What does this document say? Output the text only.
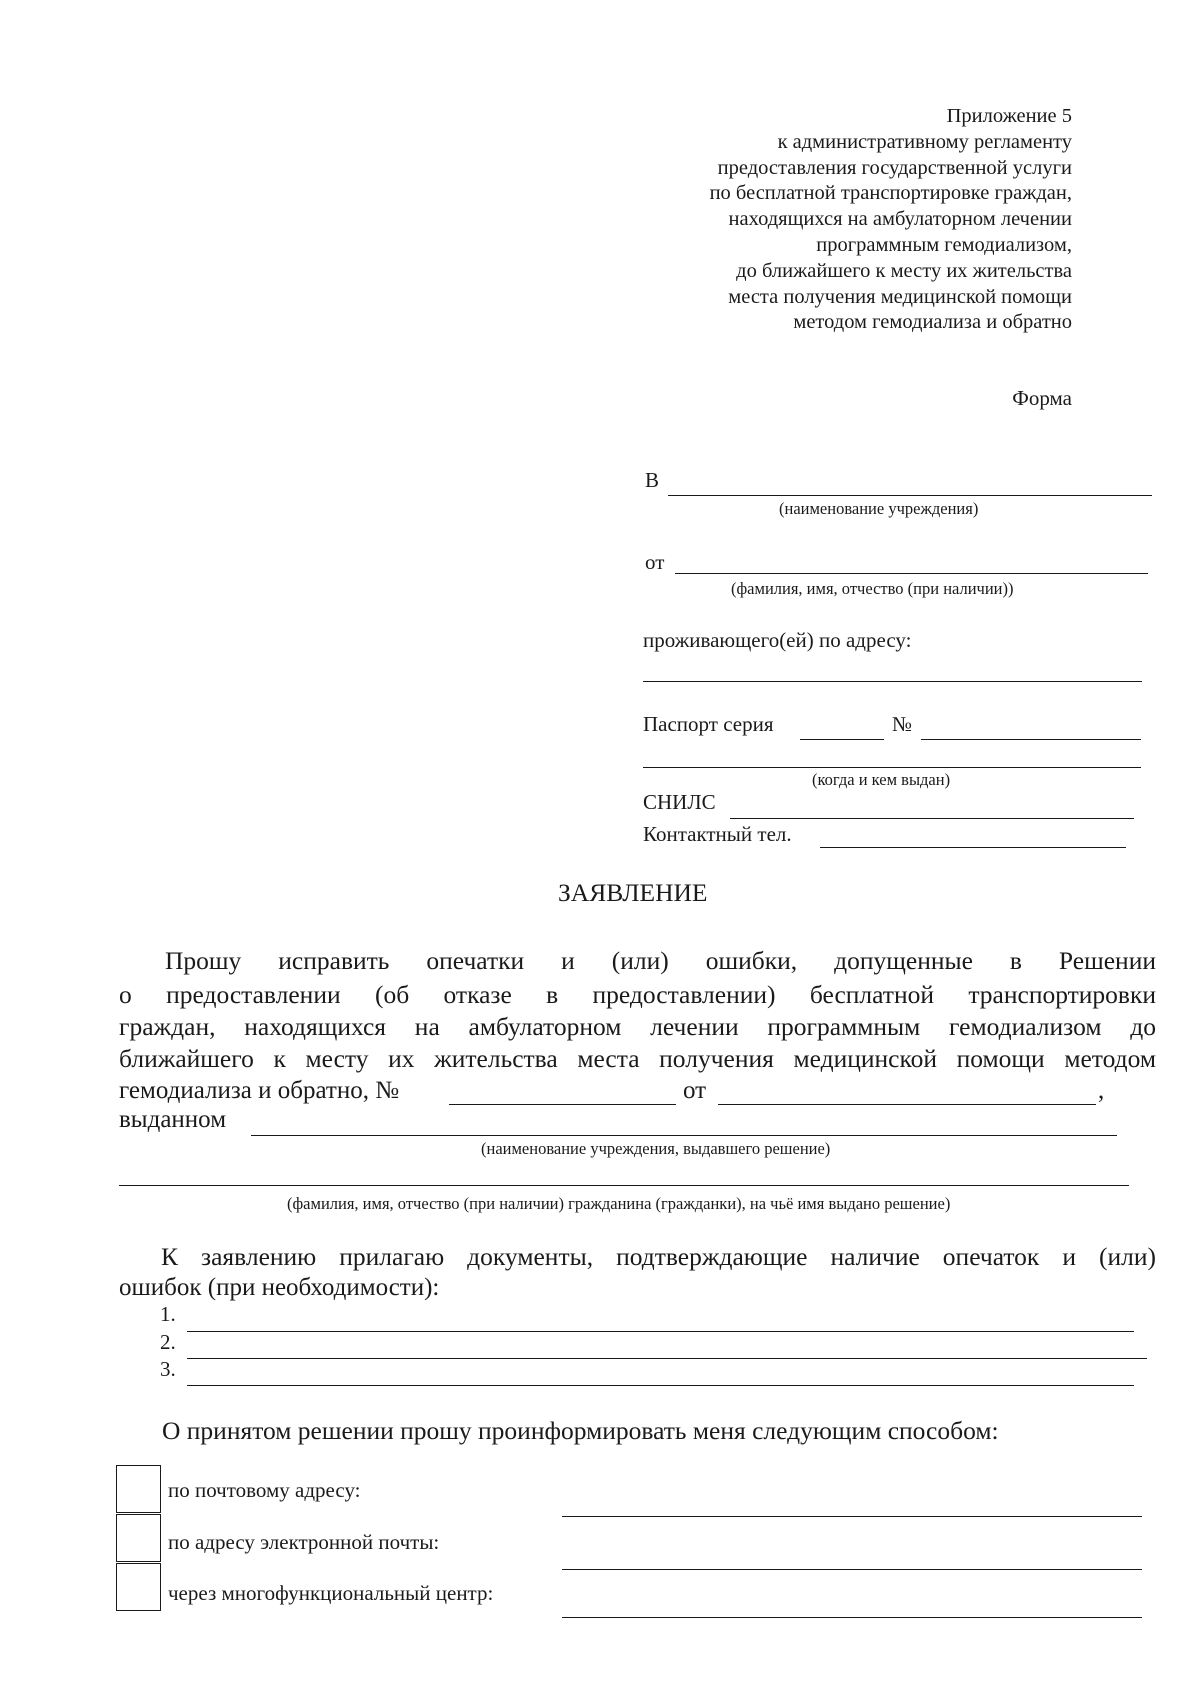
Приложение 5
к административному регламенту
предоставления государственной услуги
по бесплатной транспортировке граждан,
находящихся на амбулаторном лечении
программным гемодиализом,
до ближайшего к месту их жительства
места получения медицинской помощи
методом гемодиализа и обратно
Форма
В
(наименование учреждения)
от
(фамилия, имя, отчество (при наличии))
проживающего(ей) по адресу:
Паспорт серия	№
(когда и кем выдан)
СНИЛС
Контактный тел.
ЗАЯВЛЕНИЕ
Прошу исправить опечатки и (или) ошибки, допущенные в Решении
о предоставлении (об отказе в предоставлении) бесплатной транспортировки
граждан, находящихся на амбулаторном лечении программным гемодиализом до
ближайшего к месту их жительства места получения медицинской помощи методом
гемодиализа и обратно, №	от	,
выданном
(наименование учреждения, выдавшего решение)
(фамилия, имя, отчество (при наличии) гражданина (гражданки), на чьё имя выдано решение)
К заявлению прилагаю документы, подтверждающие наличие опечаток и (или)
ошибок (при необходимости):
1.
2.
3.
О принятом решении прошу проинформировать меня следующим способом:
по почтовому адресу:
по адресу электронной почты:
через многофункциональный центр:
